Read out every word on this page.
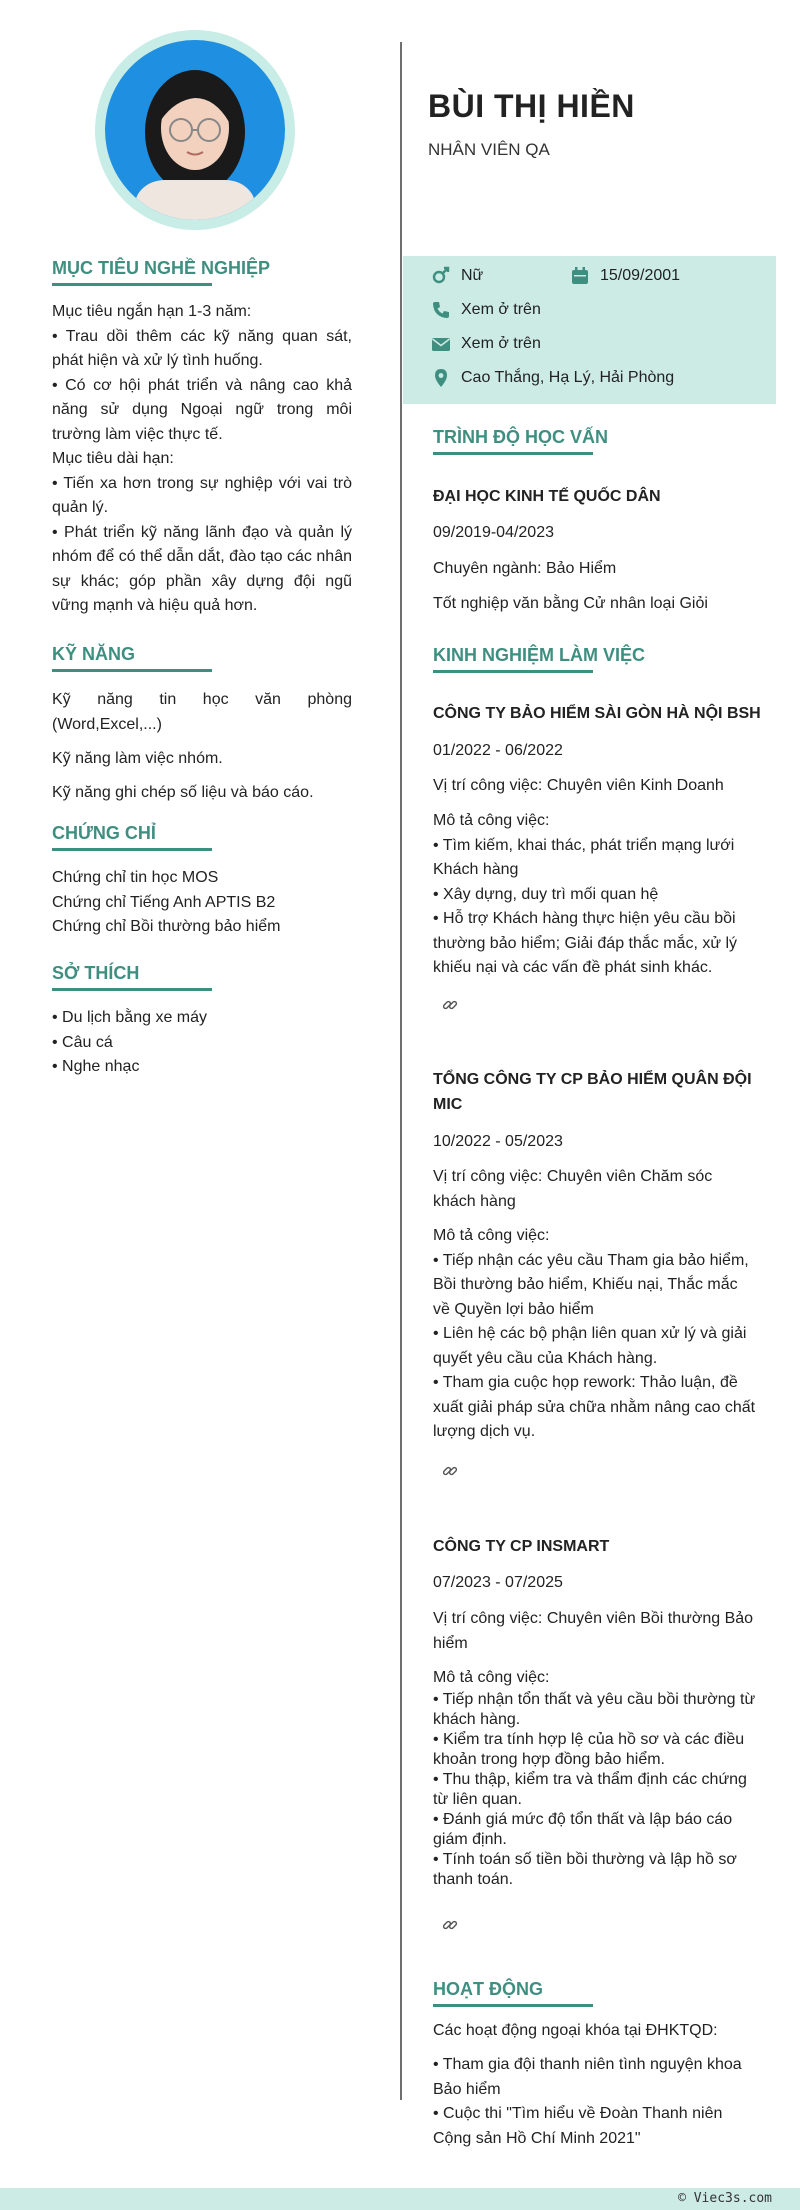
MỤC TIÊU NGHỀ NGHIỆP
Mục tiêu ngắn hạn 1-3 năm:
• Trau dồi thêm các kỹ năng quan sát, phát hiện và xử lý tình huống.
• Có cơ hội phát triển và nâng cao khả năng sử dụng Ngoại ngữ trong môi trường làm việc thực tế.
Mục tiêu dài hạn:
• Tiến xa hơn trong sự nghiệp với vai trò quản lý.
• Phát triển kỹ năng lãnh đạo và quản lý nhóm để có thể dẫn dắt, đào tạo các nhân sự khác; góp phần xây dựng đội ngũ vững mạnh và hiệu quả hơn.
KỸ NĂNG
Kỹ năng tin học văn phòng (Word,Excel,...)
Kỹ năng làm việc nhóm.
Kỹ năng ghi chép số liệu và báo cáo.
CHỨNG CHỈ
Chứng chỉ tin học MOS
Chứng chỉ Tiếng Anh APTIS B2
Chứng chỉ Bồi thường bảo hiểm
SỞ THÍCH
• Du lịch bằng xe máy
• Câu cá
• Nghe nhạc
BÙI THỊ HIỀN
NHÂN VIÊN QA
Nữ	15/09/2001
Xem ở trên
Xem ở trên
Cao Thắng, Hạ Lý, Hải Phòng
TRÌNH ĐỘ HỌC VẤN
ĐẠI HỌC KINH TẾ QUỐC DÂN
09/2019-04/2023
Chuyên ngành: Bảo Hiểm
Tốt nghiệp văn bằng Cử nhân loại Giỏi
KINH NGHIỆM LÀM VIỆC
CÔNG TY BẢO HIỂM SÀI GÒN HÀ NỘI BSH
01/2022 - 06/2022
Vị trí công việc: Chuyên viên Kinh Doanh
Mô tả công việc:
• Tìm kiếm, khai thác, phát triển mạng lưới Khách hàng
• Xây dựng, duy trì mối quan hệ
• Hỗ trợ Khách hàng thực hiện yêu cầu bồi thường bảo hiểm; Giải đáp thắc mắc, xử lý khiếu nại và các vấn đề phát sinh khác.
TỔNG CÔNG TY CP BẢO HIỂM QUÂN ĐỘI MIC
10/2022 - 05/2023
Vị trí công việc: Chuyên viên Chăm sóc khách hàng
Mô tả công việc:
• Tiếp nhận các yêu cầu Tham gia bảo hiểm, Bồi thường bảo hiểm, Khiếu nại, Thắc mắc về Quyền lợi bảo hiểm
• Liên hệ các bộ phận liên quan xử lý và giải quyết yêu cầu của Khách hàng.
• Tham gia cuộc họp rework: Thảo luận, đề xuất giải pháp sửa chữa nhằm nâng cao chất lượng dịch vụ.
CÔNG TY CP INSMART
07/2023 - 07/2025
Vị trí công việc: Chuyên viên Bồi thường Bảo hiểm
Mô tả công việc:
• Tiếp nhận tổn thất và yêu cầu bồi thường từ khách hàng.
• Kiểm tra tính hợp lệ của hồ sơ và các điều khoản trong hợp đồng bảo hiểm.
• Thu thập, kiểm tra và thẩm định các chứng từ liên quan.
• Đánh giá mức độ tổn thất và lập báo cáo giám định.
• Tính toán số tiền bồi thường và lập hồ sơ thanh toán.
HOẠT ĐỘNG
Các hoạt động ngoại khóa tại ĐHKTQD:
• Tham gia đội thanh niên tình nguyện khoa Bảo hiểm
• Cuộc thi "Tìm hiểu về Đoàn Thanh niên Cộng sản Hồ Chí Minh 2021"
© Viec3s.com
